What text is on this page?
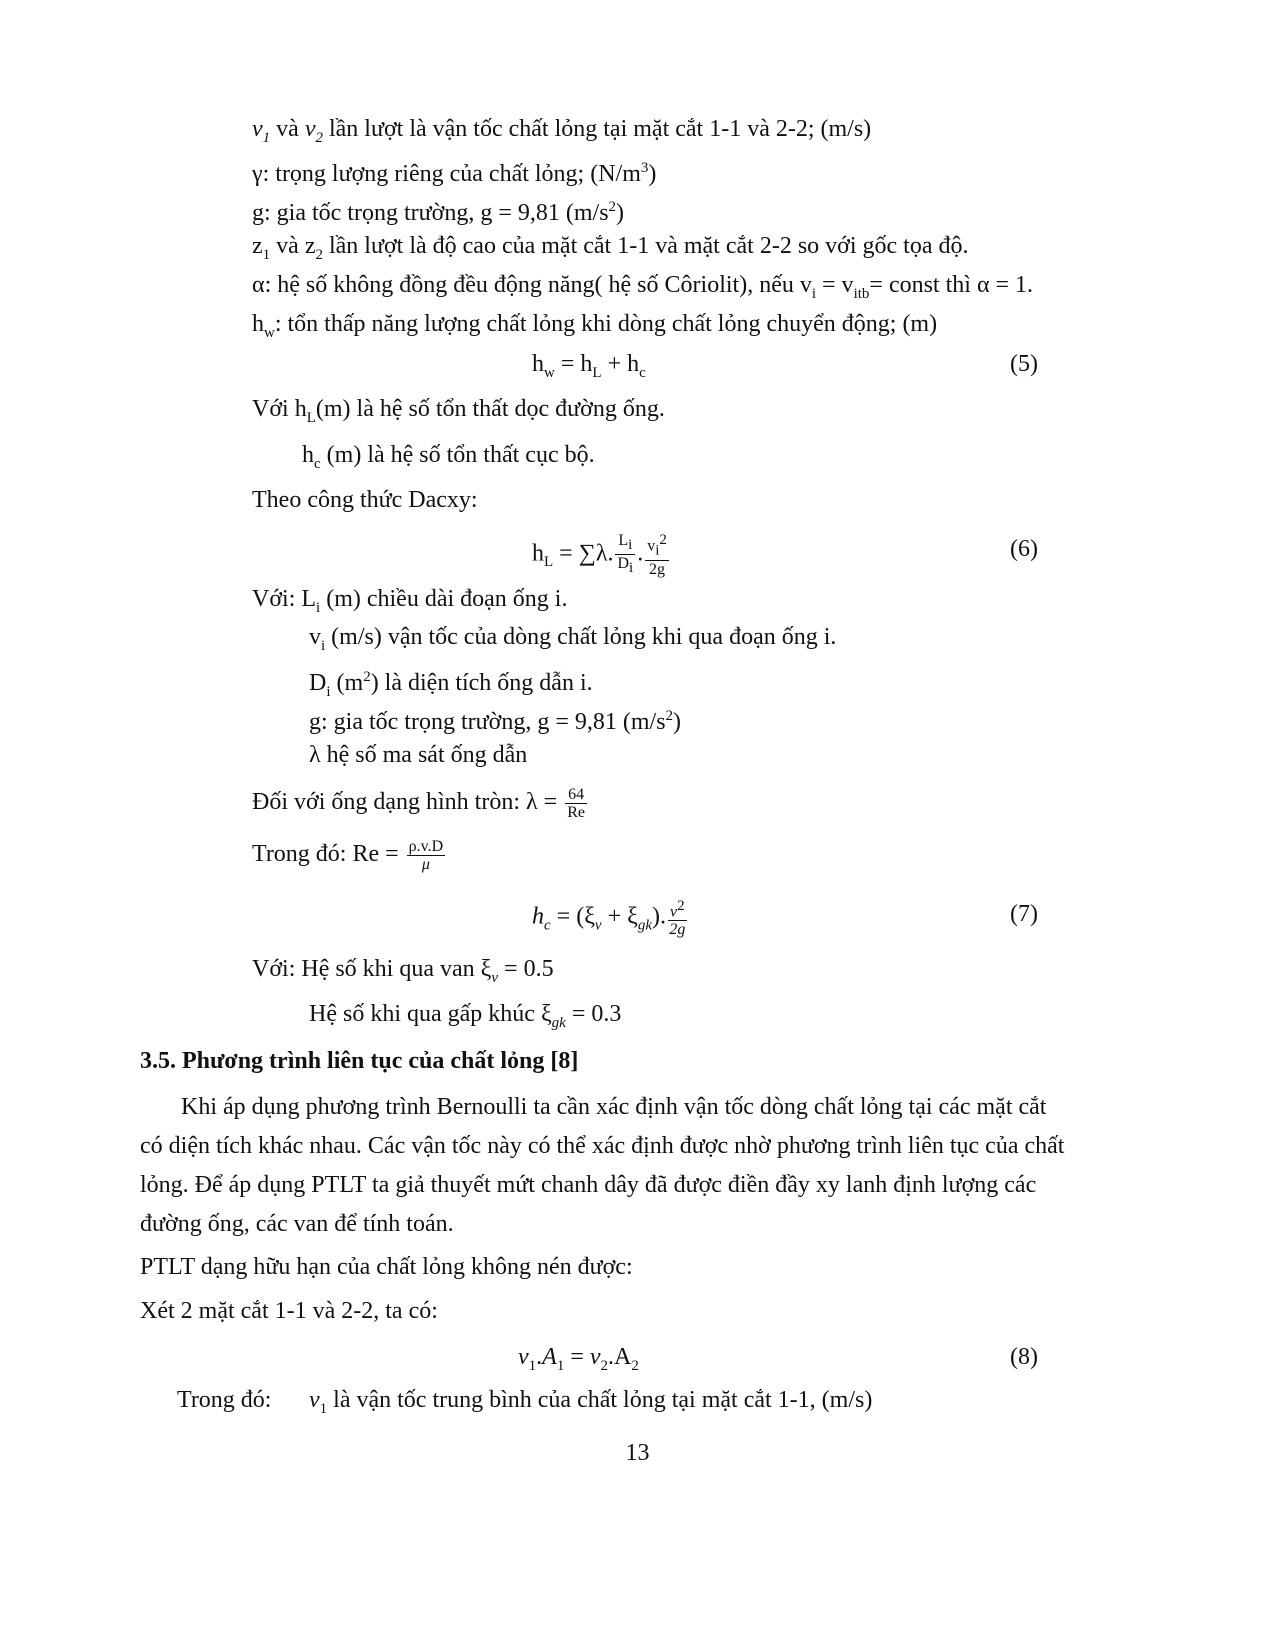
$v_1$ và $v_2$ lần lượt là vận tốc chất lỏng tại mặt cắt 1-1 và 2-2; (m/s)
γ: trọng lượng riêng của chất lỏng; $(N/m^3)$
g: gia tốc trọng trường, g = 9,81 $(m/s^2)$
$z_1$ và $z_2$ lần lượt là độ cao của mặt cắt 1-1 và mặt cắt 2-2 so với gốc tọa độ.
α: hệ số không đồng đều động năng( hệ số Côriolit), nếu $v_i = v_{itb}=$ const thì α = 1.
$h_w$: tổn thấp năng lượng chất lỏng khi dòng chất lỏng chuyển động; (m)
$h_w = h_L + h_c$	(5)
Với $h_L(m)$ là hệ số tổn thất dọc đường ống.
$h_c$ (m) là hệ số tổn thất cục bộ.
Theo công thức Dacxy:
$h_L = \sum\lambda$. $\frac{L_i}{D_i}$ . $\frac{v_i^2}{2g}$	(6)
Với: $L_i$ (m) chiều dài đoạn ống i.
$v_i$ (m/s) vận tốc của dòng chất lỏng khi qua đoạn ống i.
$D_i$ $(m^2)$ là diện tích ống dẫn i.
g: gia tốc trọng trường, g = 9,81 $(m/s^2)$
λ hệ số ma sát ống dẫn
Đối với ống dạng hình tròn: $\lambda = \frac{64}{Re}$
Trong đó: $Re = \frac{\rho.v.D}{\mu}$
$h_c = (\xi_v + \xi_{gk})$. $\frac{v^2}{2g}$	(7)
Với: Hệ số khi qua van $\xi_v = 0.5$
Hệ số khi qua gấp khúc $\xi_{gk} = 0.3$
3.5. Phương trình liên tục của chất lỏng [8]
Khi áp dụng phương trình Bernoulli ta cần xác định vận tốc dòng chất lỏng tại các mặt cắt
có diện tích khác nhau. Các vận tốc này có thể xác định được nhờ phương trình liên tục của chất
lỏng. Để áp dụng PTLT ta giả thuyết mứt chanh dây đã được điền đầy xy lanh định lượng các
đường ống, các van để tính toán.
PTLT dạng hữu hạn của chất lỏng không nén được:
Xét 2 mặt cắt 1-1 và 2-2, ta có:
$v_1.A_1 = v_2.A_2$	(8)
Trong đó: $v_1$ là vận tốc trung bình của chất lỏng tại mặt cắt 1-1, (m/s)
13
